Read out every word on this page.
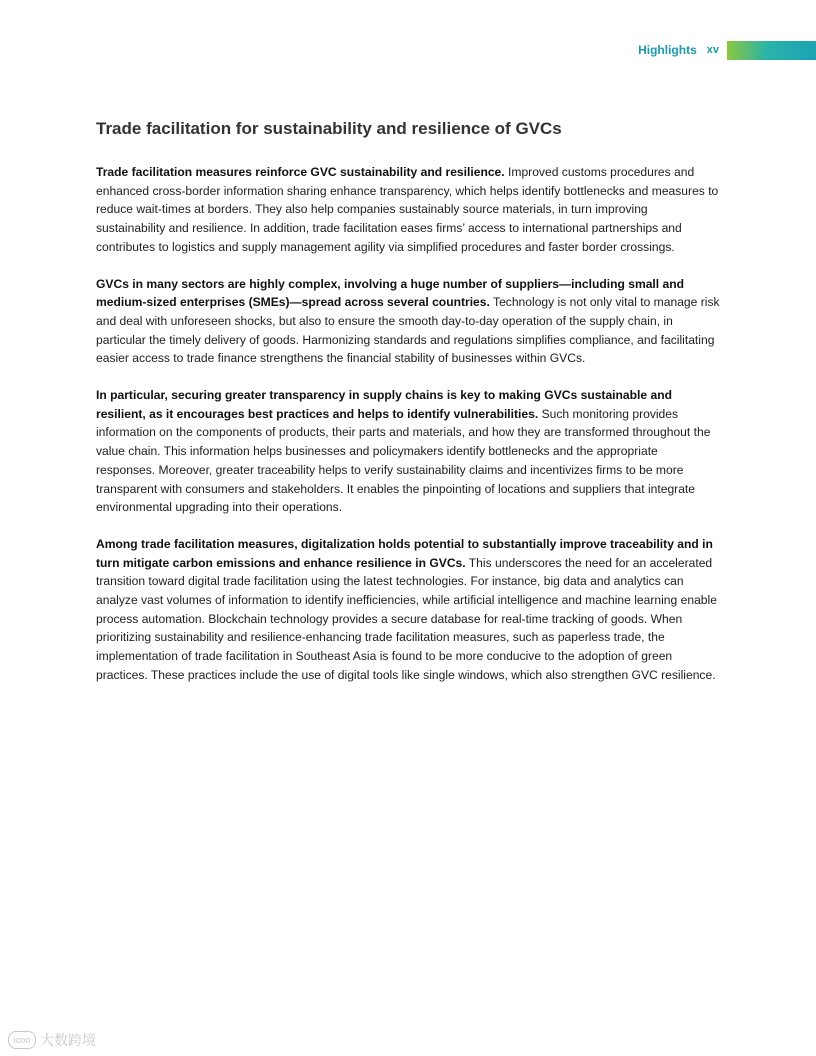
Highlights xv
Trade facilitation for sustainability and resilience of GVCs

Trade facilitation measures reinforce GVC sustainability and resilience. Improved customs procedures and enhanced cross-border information sharing enhance transparency, which helps identify bottlenecks and measures to reduce wait-times at borders. They also help companies sustainably source materials, in turn improving sustainability and resilience. In addition, trade facilitation eases firms’ access to international partnerships and contributes to logistics and supply management agility via simplified procedures and faster border crossings.

GVCs in many sectors are highly complex, involving a huge number of suppliers—including small and medium-sized enterprises (SMEs)—spread across several countries. Technology is not only vital to manage risk and deal with unforeseen shocks, but also to ensure the smooth day-to-day operation of the supply chain, in particular the timely delivery of goods. Harmonizing standards and regulations simplifies compliance, and facilitating easier access to trade finance strengthens the financial stability of businesses within GVCs.

In particular, securing greater transparency in supply chains is key to making GVCs sustainable and resilient, as it encourages best practices and helps to identify vulnerabilities. Such monitoring provides information on the components of products, their parts and materials, and how they are transformed throughout the value chain. This information helps businesses and policymakers identify bottlenecks and the appropriate responses. Moreover, greater traceability helps to verify sustainability claims and incentivizes firms to be more transparent with consumers and stakeholders. It enables the pinpointing of locations and suppliers that integrate environmental upgrading into their operations.

Among trade facilitation measures, digitalization holds potential to substantially improve traceability and in turn mitigate carbon emissions and enhance resilience in GVCs. This underscores the need for an accelerated transition toward digital trade facilitation using the latest technologies. For instance, big data and analytics can analyze vast volumes of information to identify inefficiencies, while artificial intelligence and machine learning enable process automation. Blockchain technology provides a secure database for real-time tracking of goods. When prioritizing sustainability and resilience-enhancing trade facilitation measures, such as paperless trade, the implementation of trade facilitation in Southeast Asia is found to be more conducive to the adoption of green practices. These practices include the use of digital tools like single windows, which also strengthen GVC resilience.

icoo 大数跨境
